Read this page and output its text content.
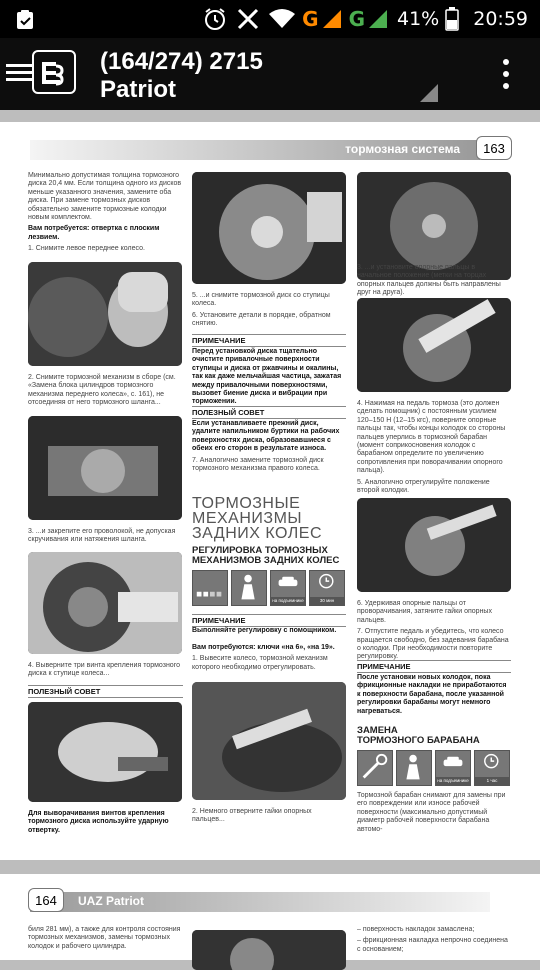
G G 41% 20:59
(164/274) 2715
Patriot
тормозная система	163

Минимально допустимая толщина тормозного диска 20,4 мм. Если толщина одного из дисков меньше указанного значения, замените оба диска. При замене тормозных дисков обязательно замените тормозные колодки новым комплектом.

Вам потребуется: отвертка с плоским лезвием.

1. Снимите левое переднее колесо.

2. Снимите тормозной механизм в сборе (см. «Замена блока цилиндров тормозного механизма переднего колеса», с. 161), не отсоединяя от него тормозного шланга...

3. ...и закрепите его проволокой, не допуская скручивания или натяжения шланга.

4. Выверните три винта крепления тормозного диска к ступице колеса...

ПОЛЕЗНЫЙ СОВЕТ

Для выворачивания винтов крепления тормозного диска используйте ударную отвертку.

5. ...и снимите тормозной диск со ступицы колеса.

6. Установите детали в порядке, обратном снятию.

ПРИМЕЧАНИЕ

Перед установкой диска тщательно очистите привалочные поверхности ступицы и диска от ржавчины и окалины, так как даже мельчайшая частица, зажатая между привалочными поверхностями, вызовет биение диска и вибрации при торможении.

ПОЛЕЗНЫЙ СОВЕТ

Если устанавливаете прежний диск, удалите напильником буртики на рабочих поверхностях диска, образовавшиеся с обеих его сторон в результате износа.

7. Аналогично замените тормозной диск тормозного механизма правого колеса.

ТОРМОЗНЫЕ
МЕХАНИЗМЫ
ЗАДНИХ КОЛЕС
РЕГУЛИРОВКА ТОРМОЗНЫХ
МЕХАНИЗМОВ ЗАДНИХ КОЛЕС
на подъемнике	30 мин
ПРИМЕЧАНИЕ

Выполняйте регулировку с помощником.

Вам потребуются: ключи «на 6», «на 19».

1. Вывесите колесо, тормозной механизм которого необходимо отрегулировать.

2. Немного отверните гайки опорных пальцев...

3. ...и установите опорные пальцы в начальное положение (метки на торцах опорных пальцев должны быть направлены друг на друга).

4. Нажимая на педаль тормоза (это должен сделать помощник) с постоянным усилием 120–150 Н (12–15 кгс), поверните опорные пальцы так, чтобы концы колодок со стороны пальцев уперлись в тормозной барабан (момент соприкосновения колодок с барабаном определите по увеличению сопротивления при поворачивании опорного пальца).

5. Аналогично отрегулируйте положение второй колодки.

6. Удерживая опорные пальцы от проворачивания, затяните гайки опорных пальцев.

7. Отпустите педаль и убедитесь, что колесо вращается свободно, без задевания барабана о колодки. При необходимости повторите регулировку.

ПРИМЕЧАНИЕ

После установки новых колодок, пока фрикционные накладки не приработаются к поверхности барабана, после указанной регулировки барабаны могут немного нагреваться.

ЗАМЕНА
ТОРМОЗНОГО БАРАБАНА
на подъемнике	1 час

Тормозной барабан снимают для замены при его повреждении или износе рабочей поверхности (максимально допустимый диаметр рабочей поверхности барабана автомо-

UAZ Patriot
164

биля 281 мм), а также для контроля состояния тормозных механизмов, замены тормозных колодок и рабочего цилиндра.

– поверхность накладок замаслена;

– фрикционная накладка непрочно соединена с основанием;
